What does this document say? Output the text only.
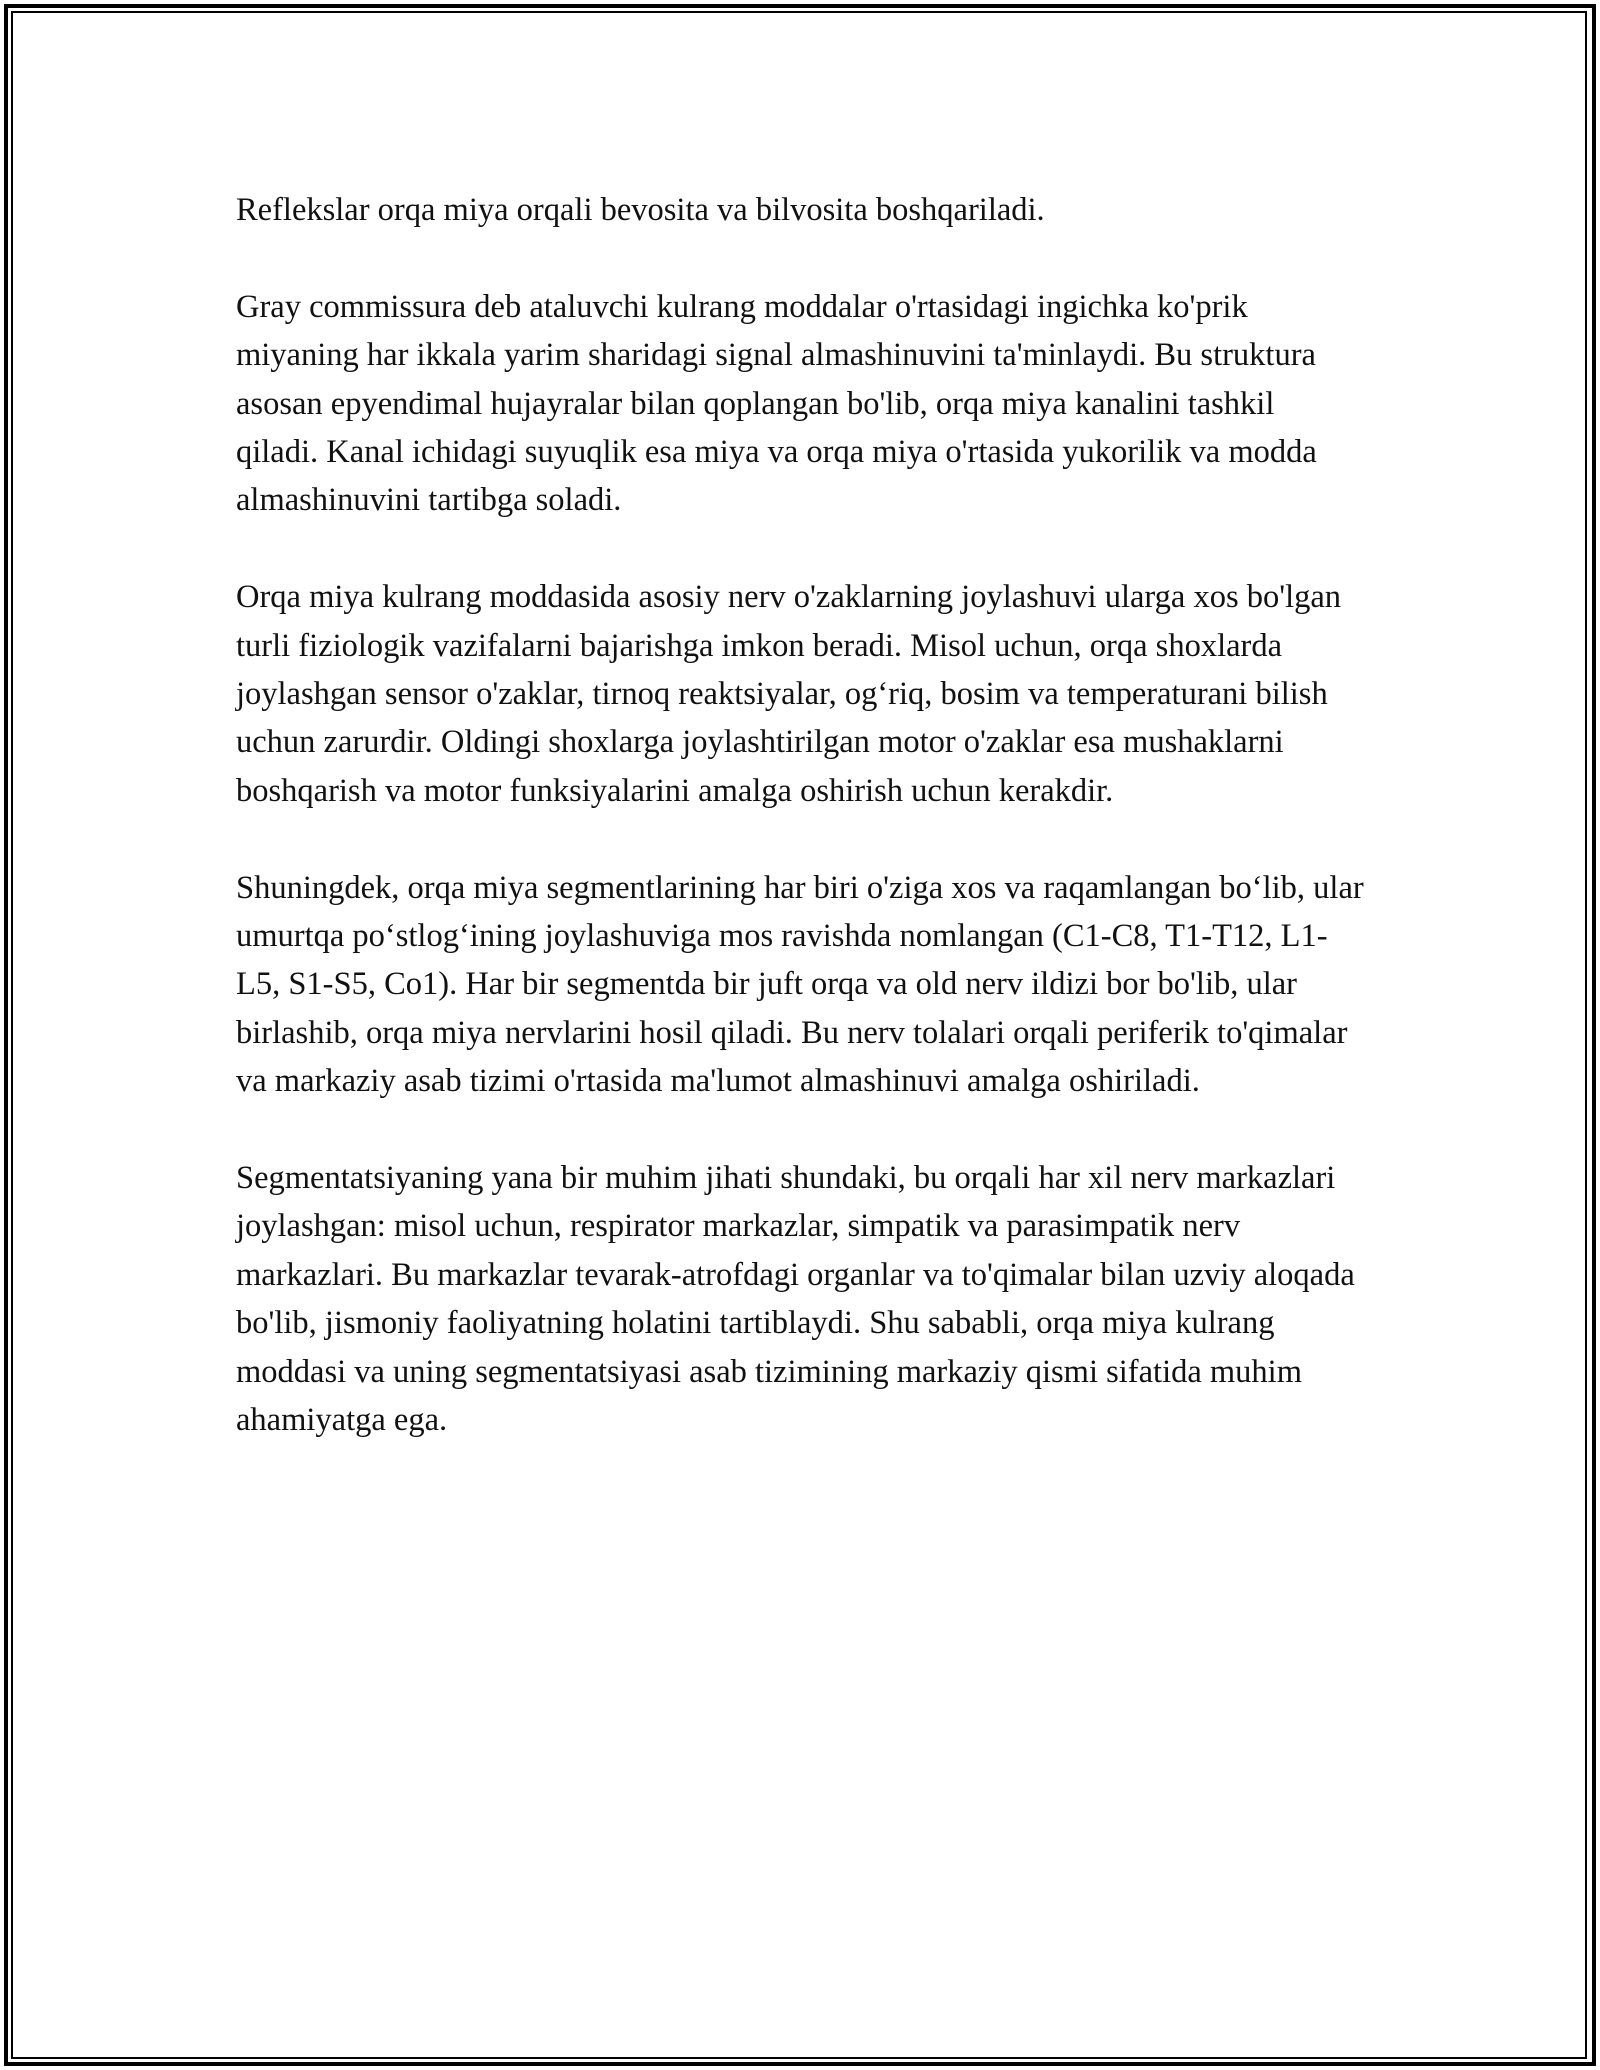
Reflekslar orqa miya orqali bevosita va bilvosita boshqariladi.

Gray commissura deb ataluvchi kulrang moddalar o'rtasidagi ingichka ko'prik miyaning har ikkala yarim sharidagi signal almashinuvini ta'minlaydi. Bu struktura asosan epyendimal hujayralar bilan qoplangan bo'lib, orqa miya kanalini tashkil qiladi. Kanal ichidagi suyuqlik esa miya va orqa miya o'rtasida yukorilik va modda almashinuvini tartibga soladi.

Orqa miya kulrang moddasida asosiy nerv o'zaklarning joylashuvi ularga xos bo'lgan turli fiziologik vazifalarni bajarishga imkon beradi. Misol uchun, orqa shoxlarda joylashgan sensor o'zaklar, tirnoq reaktsiyalar, og‘riq, bosim va temperaturani bilish uchun zarurdir. Oldingi shoxlarga joylashtirilgan motor o'zaklar esa mushaklarni boshqarish va motor funksiyalarini amalga oshirish uchun kerakdir.

Shuningdek, orqa miya segmentlarining har biri o'ziga xos va raqamlangan bo‘lib, ular umurtqa po‘stlog‘ining joylashuviga mos ravishda nomlangan (C1-C8, T1-T12, L1-L5, S1-S5, Co1). Har bir segmentda bir juft orqa va old nerv ildizi bor bo'lib, ular birlashib, orqa miya nervlarini hosil qiladi. Bu nerv tolalari orqali periferik to'qimalar va markaziy asab tizimi o'rtasida ma'lumot almashinuvi amalga oshiriladi.

Segmentatsiyaning yana bir muhim jihati shundaki, bu orqali har xil nerv markazlari joylashgan: misol uchun, respirator markazlar, simpatik va parasimpatik nerv markazlari. Bu markazlar tevarak-atrofdagi organlar va to'qimalar bilan uzviy aloqada bo'lib, jismoniy faoliyatning holatini tartiblaydi. Shu sababli, orqa miya kulrang moddasi va uning segmentatsiyasi asab tizimining markaziy qismi sifatida muhim ahamiyatga ega.
